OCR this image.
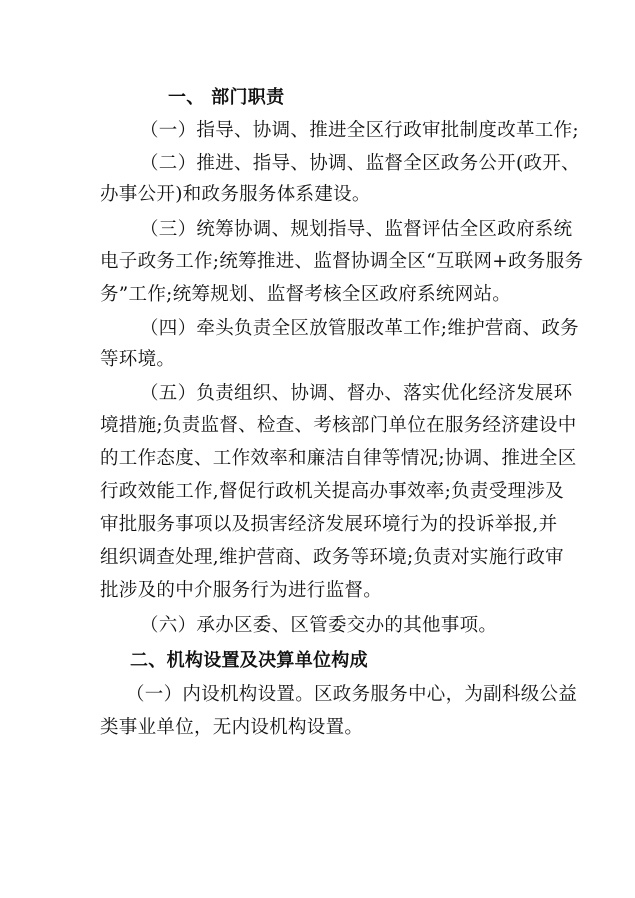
一、 部门职责
（一）指导、协调、推进全区行政审批制度改革工作;
（二）推进、指导、协调、监督全区政务公开(政开、
办事公开)和政务服务体系建设。
（三）统筹协调、规划指导、监督评估全区政府系统
电子政务工作;统筹推进、监督协调全区“互联网+政务服务
务”工作;统筹规划、监督考核全区政府系统网站。
（四）牵头负责全区放管服改革工作;维护营商、政务
等环境。
（五）负责组织、协调、督办、落实优化经济发展环
境措施;负责监督、检查、考核部门单位在服务经济建设中
的工作态度、工作效率和廉洁自律等情况;协调、推进全区
行政效能工作,督促行政机关提高办事效率;负责受理涉及
审批服务事项以及损害经济发展环境行为的投诉举报,并
组织调查处理,维护营商、政务等环境;负责对实施行政审
批涉及的中介服务行为进行监督。
（六）承办区委、区管委交办的其他事项。
二、机构设置及决算单位构成
（一）内设机构设置。区政务服务中心，为副科级公益
类事业单位，无内设机构设置。
